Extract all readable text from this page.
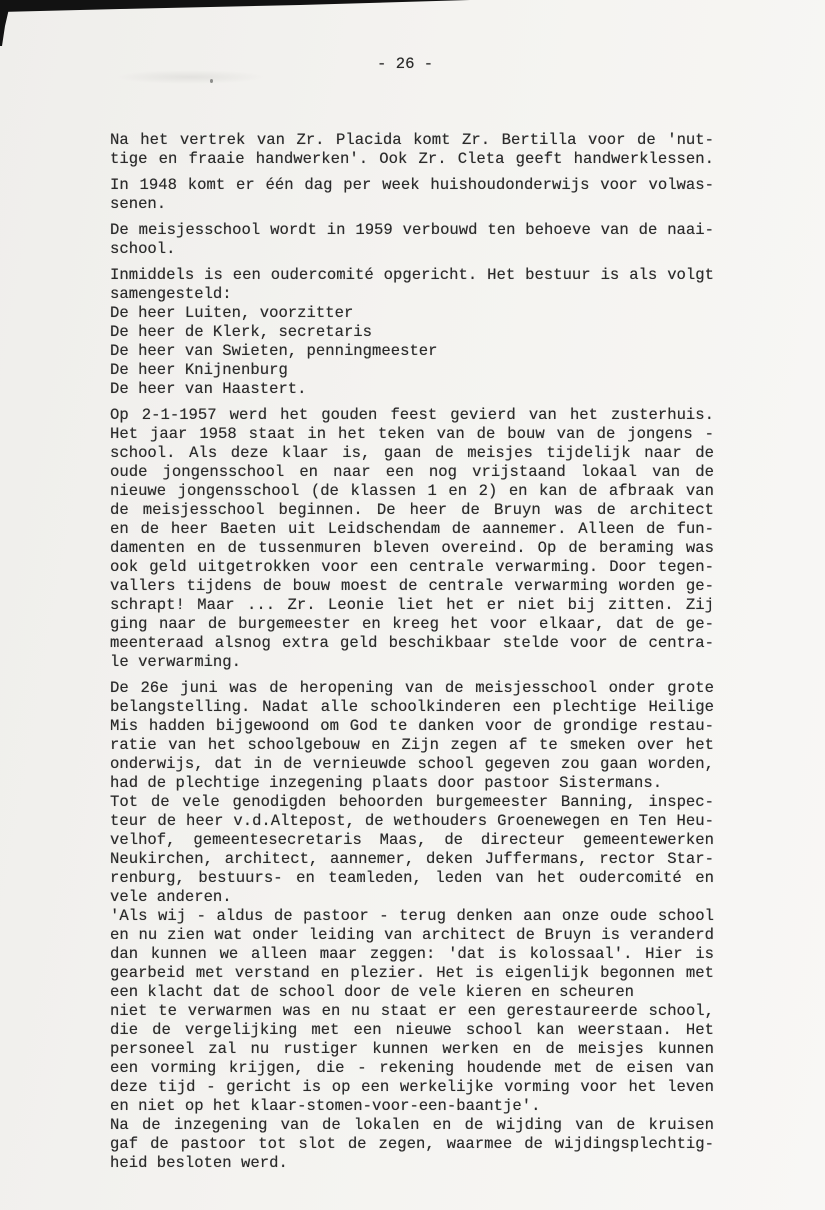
- 26 -
Na het vertrek van Zr. Placida komt Zr. Bertilla voor de 'nut-
tige en fraaie handwerken'. Ook Zr. Cleta geeft handwerklessen.
In 1948 komt er één dag per week huishoudonderwijs voor volwas-
senen.
De meisjesschool wordt in 1959 verbouwd ten behoeve van de naai-
school.
Inmiddels is een oudercomité opgericht. Het bestuur is als volgt
samengesteld:
De heer Luiten, voorzitter
De heer de Klerk, secretaris
De heer van Swieten, penningmeester
De heer Knijnenburg
De heer van Haastert.
Op 2-1-1957 werd het gouden feest gevierd van het zusterhuis.
Het jaar 1958 staat in het teken van de bouw van de jongens -
school. Als deze klaar is, gaan de meisjes tijdelijk naar de
oude jongensschool en naar een nog vrijstaand lokaal van de
nieuwe jongensschool (de klassen 1 en 2) en kan de afbraak van
de meisjesschool beginnen. De heer de Bruyn was de architect
en de heer Baeten uit Leidschendam de aannemer. Alleen de fun-
damenten en de tussenmuren bleven overeind. Op de beraming was
ook geld uitgetrokken voor een centrale verwarming. Door tegen-
vallers tijdens de bouw moest de centrale verwarming worden ge-
schrapt! Maar ... Zr. Leonie liet het er niet bij zitten. Zij
ging naar de burgemeester en kreeg het voor elkaar, dat de ge-
meenteraad alsnog extra geld beschikbaar stelde voor de centra-
le verwarming.
De 26e juni was de heropening van de meisjesschool onder grote
belangstelling. Nadat alle schoolkinderen een plechtige Heilige
Mis hadden bijgewoond om God te danken voor de grondige restau-
ratie van het schoolgebouw en Zijn zegen af te smeken over het
onderwijs, dat in de vernieuwde school gegeven zou gaan worden,
had de plechtige inzegening plaats door pastoor Sistermans.
Tot de vele genodigden behoorden burgemeester Banning, inspec-
teur de heer v.d.Altepost, de wethouders Groenewegen en Ten Heu-
velhof, gemeentesecretaris Maas, de directeur gemeentewerken
Neukirchen, architect, aannemer, deken Juffermans, rector Star-
renburg, bestuurs- en teamleden, leden van het oudercomité en
vele anderen.
'Als wij - aldus de pastoor - terug denken aan onze oude school
en nu zien wat onder leiding van architect de Bruyn is veranderd
dan kunnen we alleen maar zeggen: 'dat is kolossaal'. Hier is
gearbeid met verstand en plezier. Het is eigenlijk begonnen met
een klacht dat de school door de vele kieren en scheuren
niet te verwarmen was en nu staat er een gerestaureerde school,
die de vergelijking met een nieuwe school kan weerstaan. Het
personeel zal nu rustiger kunnen werken en de meisjes kunnen
een vorming krijgen, die - rekening houdende met de eisen van
deze tijd - gericht is op een werkelijke vorming voor het leven
en niet op het klaar-stomen-voor-een-baantje'.
Na de inzegening van de lokalen en de wijding van de kruisen
gaf de pastoor tot slot de zegen, waarmee de wijdingsplechtig-
heid besloten werd.
